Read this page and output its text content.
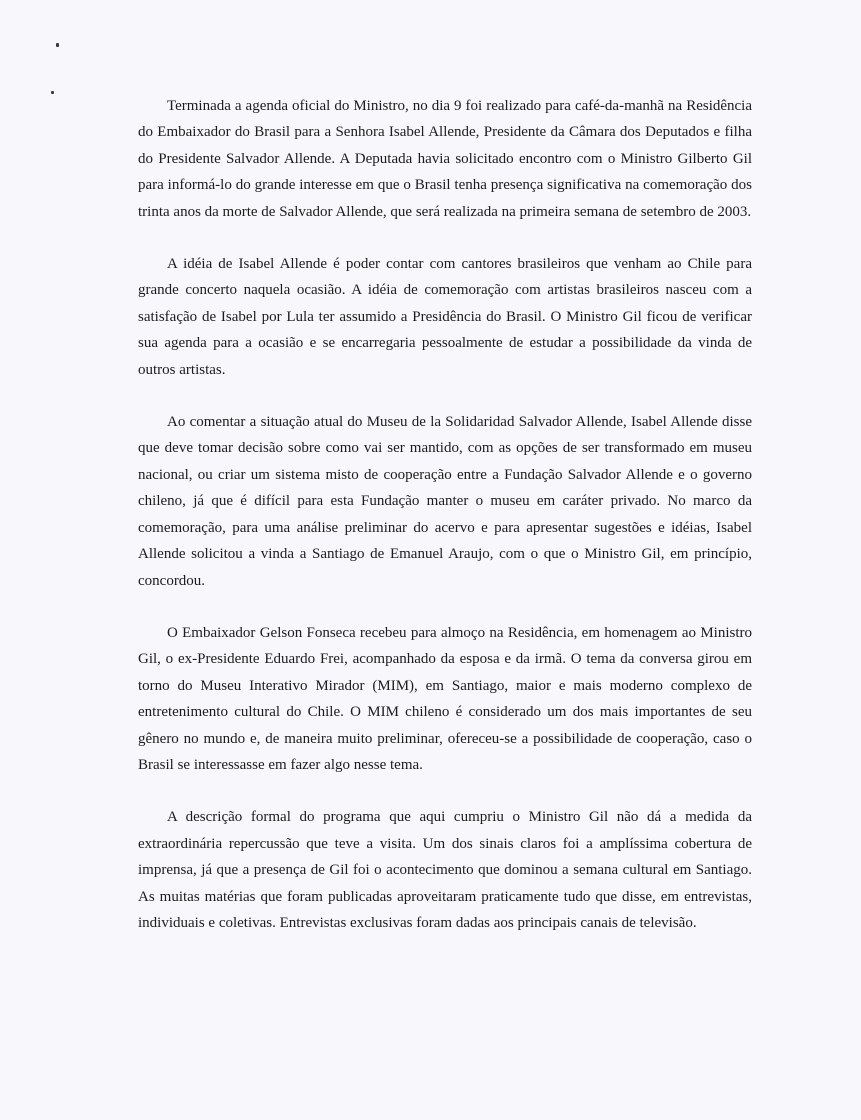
Terminada a agenda oficial do Ministro, no dia 9 foi realizado para café-da-manhã na Residência do Embaixador do Brasil para a Senhora Isabel Allende, Presidente da Câmara dos Deputados e filha do Presidente Salvador Allende. A Deputada havia solicitado encontro com o Ministro Gilberto Gil para informá-lo do grande interesse em que o Brasil tenha presença significativa na comemoração dos trinta anos da morte de Salvador Allende, que será realizada na primeira semana de setembro de 2003.

A idéia de Isabel Allende é poder contar com cantores brasileiros que venham ao Chile para grande concerto naquela ocasião. A idéia de comemoração com artistas brasileiros nasceu com a satisfação de Isabel por Lula ter assumido a Presidência do Brasil. O Ministro Gil ficou de verificar sua agenda para a ocasião e se encarregaria pessoalmente de estudar a possibilidade da vinda de outros artistas.

Ao comentar a situação atual do Museu de la Solidaridad Salvador Allende, Isabel Allende disse que deve tomar decisão sobre como vai ser mantido, com as opções de ser transformado em museu nacional, ou criar um sistema misto de cooperação entre a Fundação Salvador Allende e o governo chileno, já que é difícil para esta Fundação manter o museu em caráter privado. No marco da comemoração, para uma análise preliminar do acervo e para apresentar sugestões e idéias, Isabel Allende solicitou a vinda a Santiago de Emanuel Araujo, com o que o Ministro Gil, em princípio, concordou.

O Embaixador Gelson Fonseca recebeu para almoço na Residência, em homenagem ao Ministro Gil, o ex-Presidente Eduardo Frei, acompanhado da esposa e da irmã. O tema da conversa girou em torno do Museu Interativo Mirador (MIM), em Santiago, maior e mais moderno complexo de entretenimento cultural do Chile. O MIM chileno é considerado um dos mais importantes de seu gênero no mundo e, de maneira muito preliminar, ofereceu-se a possibilidade de cooperação, caso o Brasil se interessasse em fazer algo nesse tema.

A descrição formal do programa que aqui cumpriu o Ministro Gil não dá a medida da extraordinária repercussão que teve a visita. Um dos sinais claros foi a amplíssima cobertura de imprensa, já que a presença de Gil foi o acontecimento que dominou a semana cultural em Santiago. As muitas matérias que foram publicadas aproveitaram praticamente tudo que disse, em entrevistas, individuais e coletivas. Entrevistas exclusivas foram dadas aos principais canais de televisão.
